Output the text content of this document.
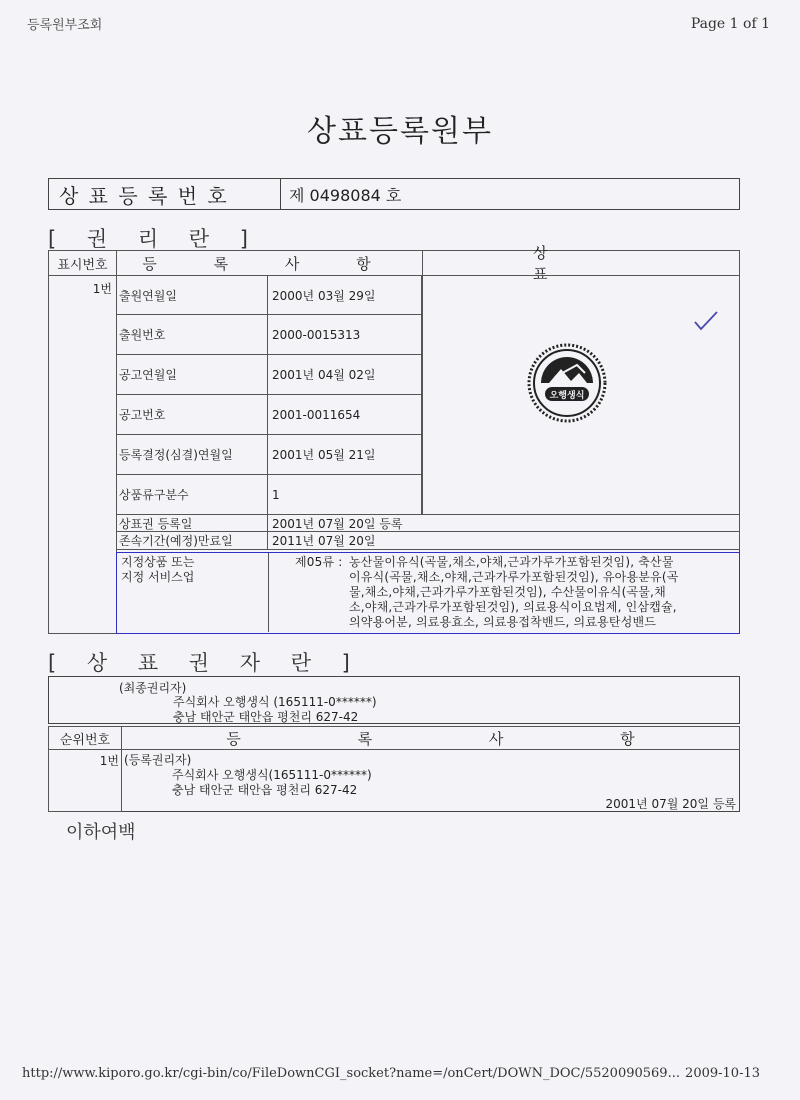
등록원부조회	Page 1 of 1
상표등록원부
상 표 등 록 번 호	제 0498084 호
[ 권 리 란 ]
표시번호	등 록 사 항
상 표
1번 출원연월일	2000년 03월 29일
출원번호	2000-0015313
공고연월일	2001년 04월 02일
공고번호	2001-0011654
등록결정(심결)연월일	2001년 05월 21일
상품류구분수	1
오행생식
상표권 등록일	2001년 07월 20일 등록
존속기간(예정)만료일	2011년 07월 20일
지정상품 또는
지정 서비스업
제05류 : 농산물이유식(곡물,채소,야채,근과가루가포함된것임), 축산물
이유식(곡물,채소,야채,근과가루가포함된것임), 유아용분유(곡
물,채소,야채,근과가루가포함된것임), 수산물이유식(곡물,채
소,야채,근과가루가포함된것임), 의료용식이요법제, 인삼캡슐,
의약용어분, 의료용효소, 의료용접착밴드, 의료용탄성밴드
[ 상 표 권 자 란 ]
(최종권리자)
주식회사 오행생식 (165111-0******)
충남 태안군 태안읍 평천리 627-42
순위번호	등 록 사 항
1번 (등록권리자)
주식회사 오행생식(165111-0******)
충남 태안군 태안읍 평천리 627-42
2001년 07월 20일 등록
이하여백
http://www.kiporo.go.kr/cgi-bin/co/FileDownCGI_socket?name=/onCert/DOWN_DOC/5520090569... 2009-10-13
